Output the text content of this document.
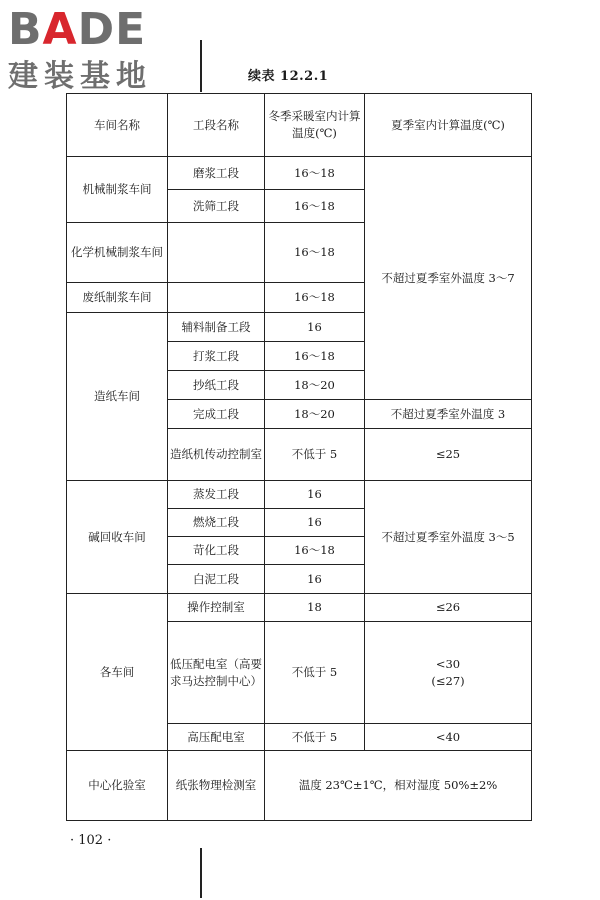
BADE
建装基地	续表 12.2.1
车间名称	工段名称	冬季采暖室内计算温度(℃)	夏季室内计算温度(℃)
机械制浆车间	磨浆工段	16～18	不超过夏季室外温度 3～7
	洗筛工段	16～18	
化学机械制浆车间		16～18	
废纸制浆车间		16～18	
造纸车间	辅料制备工段	16	
	打浆工段	16～18	
	抄纸工段	18～20	
	完成工段	18～20	不超过夏季室外温度 3
	造纸机传动控制室	不低于 5	≤25
碱回收车间	蒸发工段	16	不超过夏季室外温度 3～5
	燃烧工段	16	
	苛化工段	16～18	
	白泥工段	16	
各车间	操作控制室	18	≤26
	低压配电室（高要求马达控制中心）	不低于 5	<30
(≤27)

	高压配电室	不低于 5	<40
中心化验室	纸张物理检测室	温度 23℃±1℃，相对湿度 50%±2%	
· 102 ·
